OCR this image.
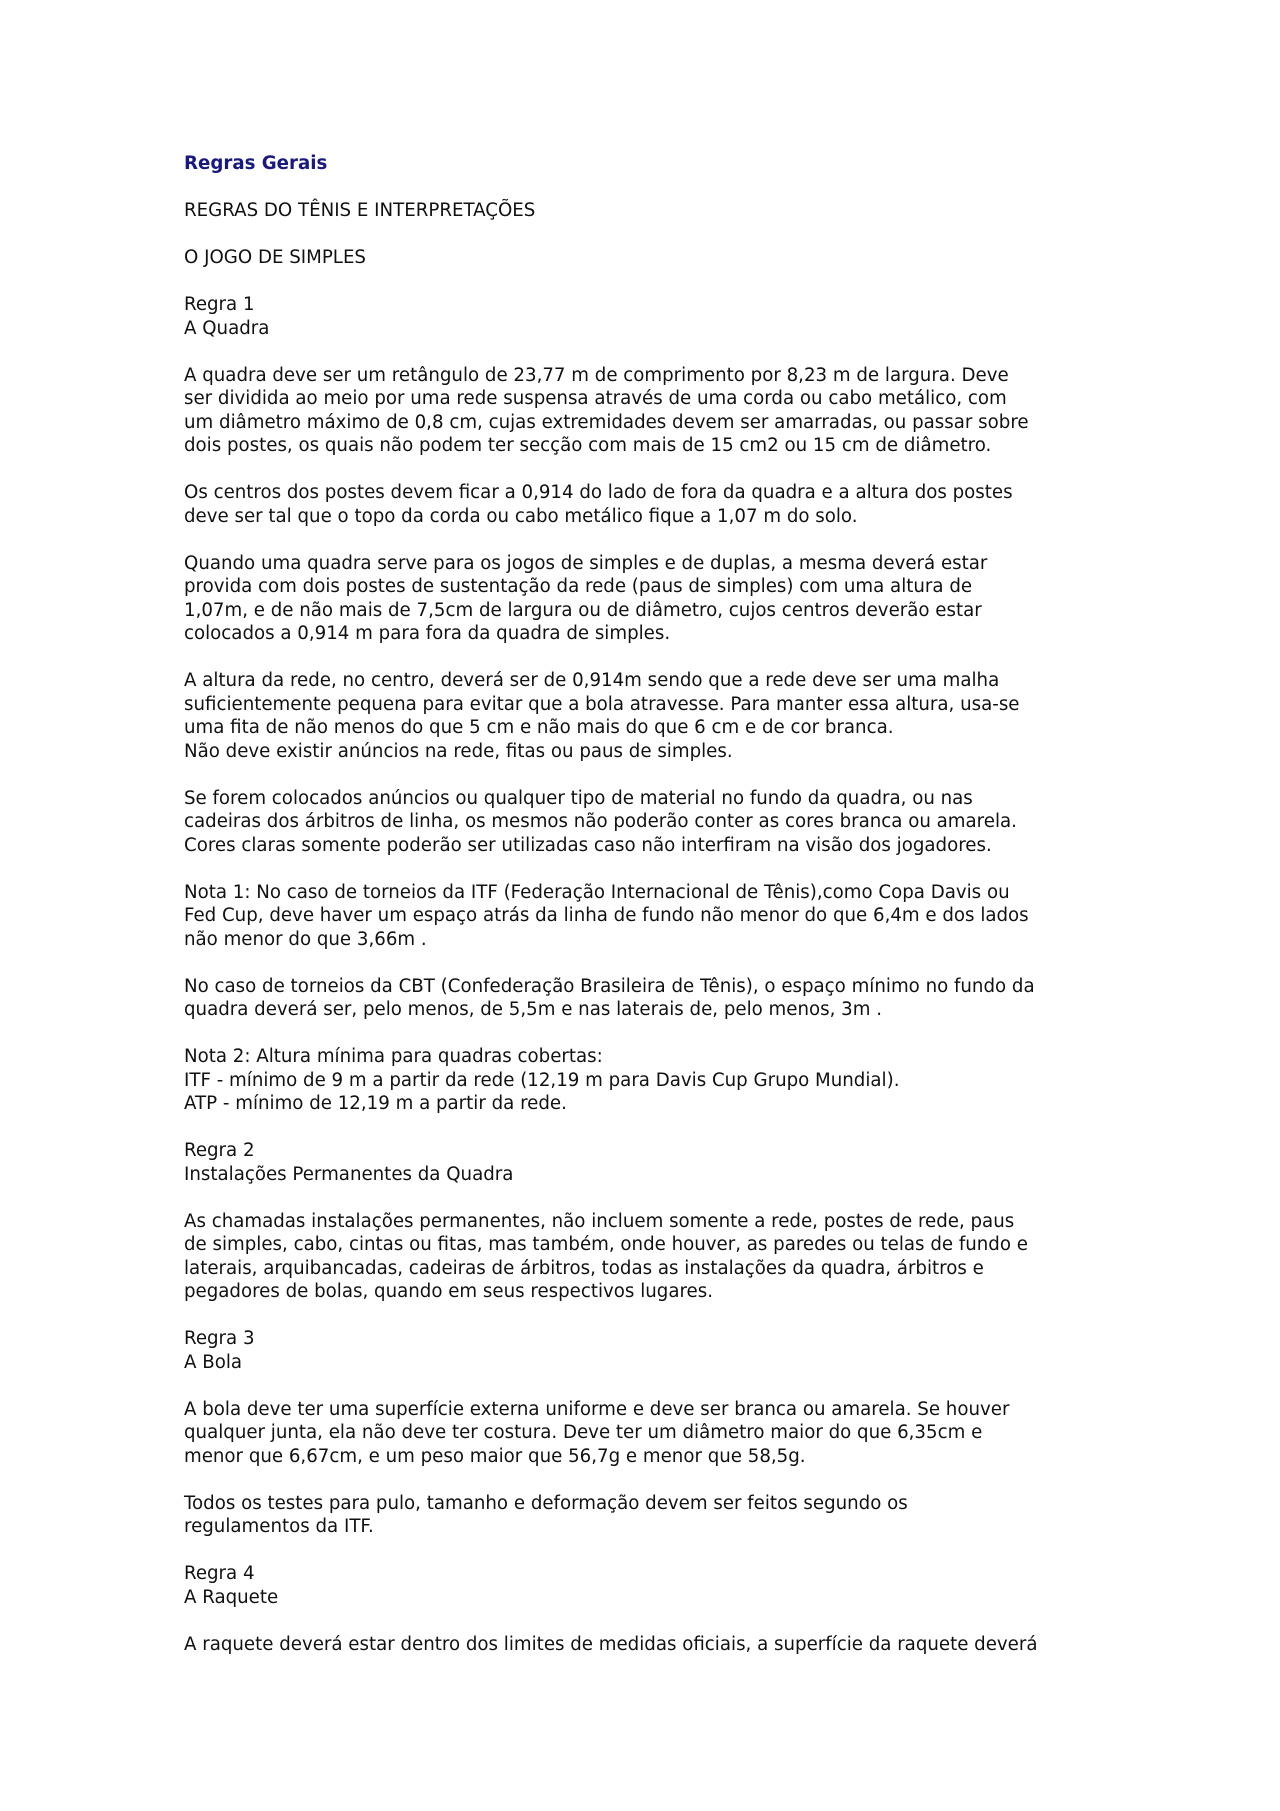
Regras Gerais

REGRAS DO TÊNIS E INTERPRETAÇÕES

O JOGO DE SIMPLES

Regra 1
A Quadra

A quadra deve ser um retângulo de 23,77 m de comprimento por 8,23 m de largura. Deve
ser dividida ao meio por uma rede suspensa através de uma corda ou cabo metálico, com
um diâmetro máximo de 0,8 cm, cujas extremidades devem ser amarradas, ou passar sobre
dois postes, os quais não podem ter secção com mais de 15 cm2 ou 15 cm de diâmetro.

Os centros dos postes devem ficar a 0,914 do lado de fora da quadra e a altura dos postes
deve ser tal que o topo da corda ou cabo metálico fique a 1,07 m do solo.

Quando uma quadra serve para os jogos de simples e de duplas, a mesma deverá estar
provida com dois postes de sustentação da rede (paus de simples) com uma altura de
1,07m, e de não mais de 7,5cm de largura ou de diâmetro, cujos centros deverão estar
colocados a 0,914 m para fora da quadra de simples.

A altura da rede, no centro, deverá ser de 0,914m sendo que a rede deve ser uma malha
suficientemente pequena para evitar que a bola atravesse. Para manter essa altura, usa-se
uma fita de não menos do que 5 cm e não mais do que 6 cm e de cor branca.
Não deve existir anúncios na rede, fitas ou paus de simples.

Se forem colocados anúncios ou qualquer tipo de material no fundo da quadra, ou nas
cadeiras dos árbitros de linha, os mesmos não poderão conter as cores branca ou amarela.
Cores claras somente poderão ser utilizadas caso não interfiram na visão dos jogadores.

Nota 1: No caso de torneios da ITF (Federação Internacional de Tênis),como Copa Davis ou
Fed Cup, deve haver um espaço atrás da linha de fundo não menor do que 6,4m e dos lados
não menor do que 3,66m .

No caso de torneios da CBT (Confederação Brasileira de Tênis), o espaço mínimo no fundo da
quadra deverá ser, pelo menos, de 5,5m e nas laterais de, pelo menos, 3m .

Nota 2: Altura mínima para quadras cobertas:
ITF - mínimo de 9 m a partir da rede (12,19 m para Davis Cup Grupo Mundial).
ATP - mínimo de 12,19 m a partir da rede.

Regra 2
Instalações Permanentes da Quadra

As chamadas instalações permanentes, não incluem somente a rede, postes de rede, paus
de simples, cabo, cintas ou fitas, mas também, onde houver, as paredes ou telas de fundo e
laterais, arquibancadas, cadeiras de árbitros, todas as instalações da quadra, árbitros e
pegadores de bolas, quando em seus respectivos lugares.

Regra 3
A Bola

A bola deve ter uma superfície externa uniforme e deve ser branca ou amarela. Se houver
qualquer junta, ela não deve ter costura. Deve ter um diâmetro maior do que 6,35cm e
menor que 6,67cm, e um peso maior que 56,7g e menor que 58,5g.

Todos os testes para pulo, tamanho e deformação devem ser feitos segundo os
regulamentos da ITF.

Regra 4
A Raquete

A raquete deverá estar dentro dos limites de medidas oficiais, a superfície da raquete deverá
